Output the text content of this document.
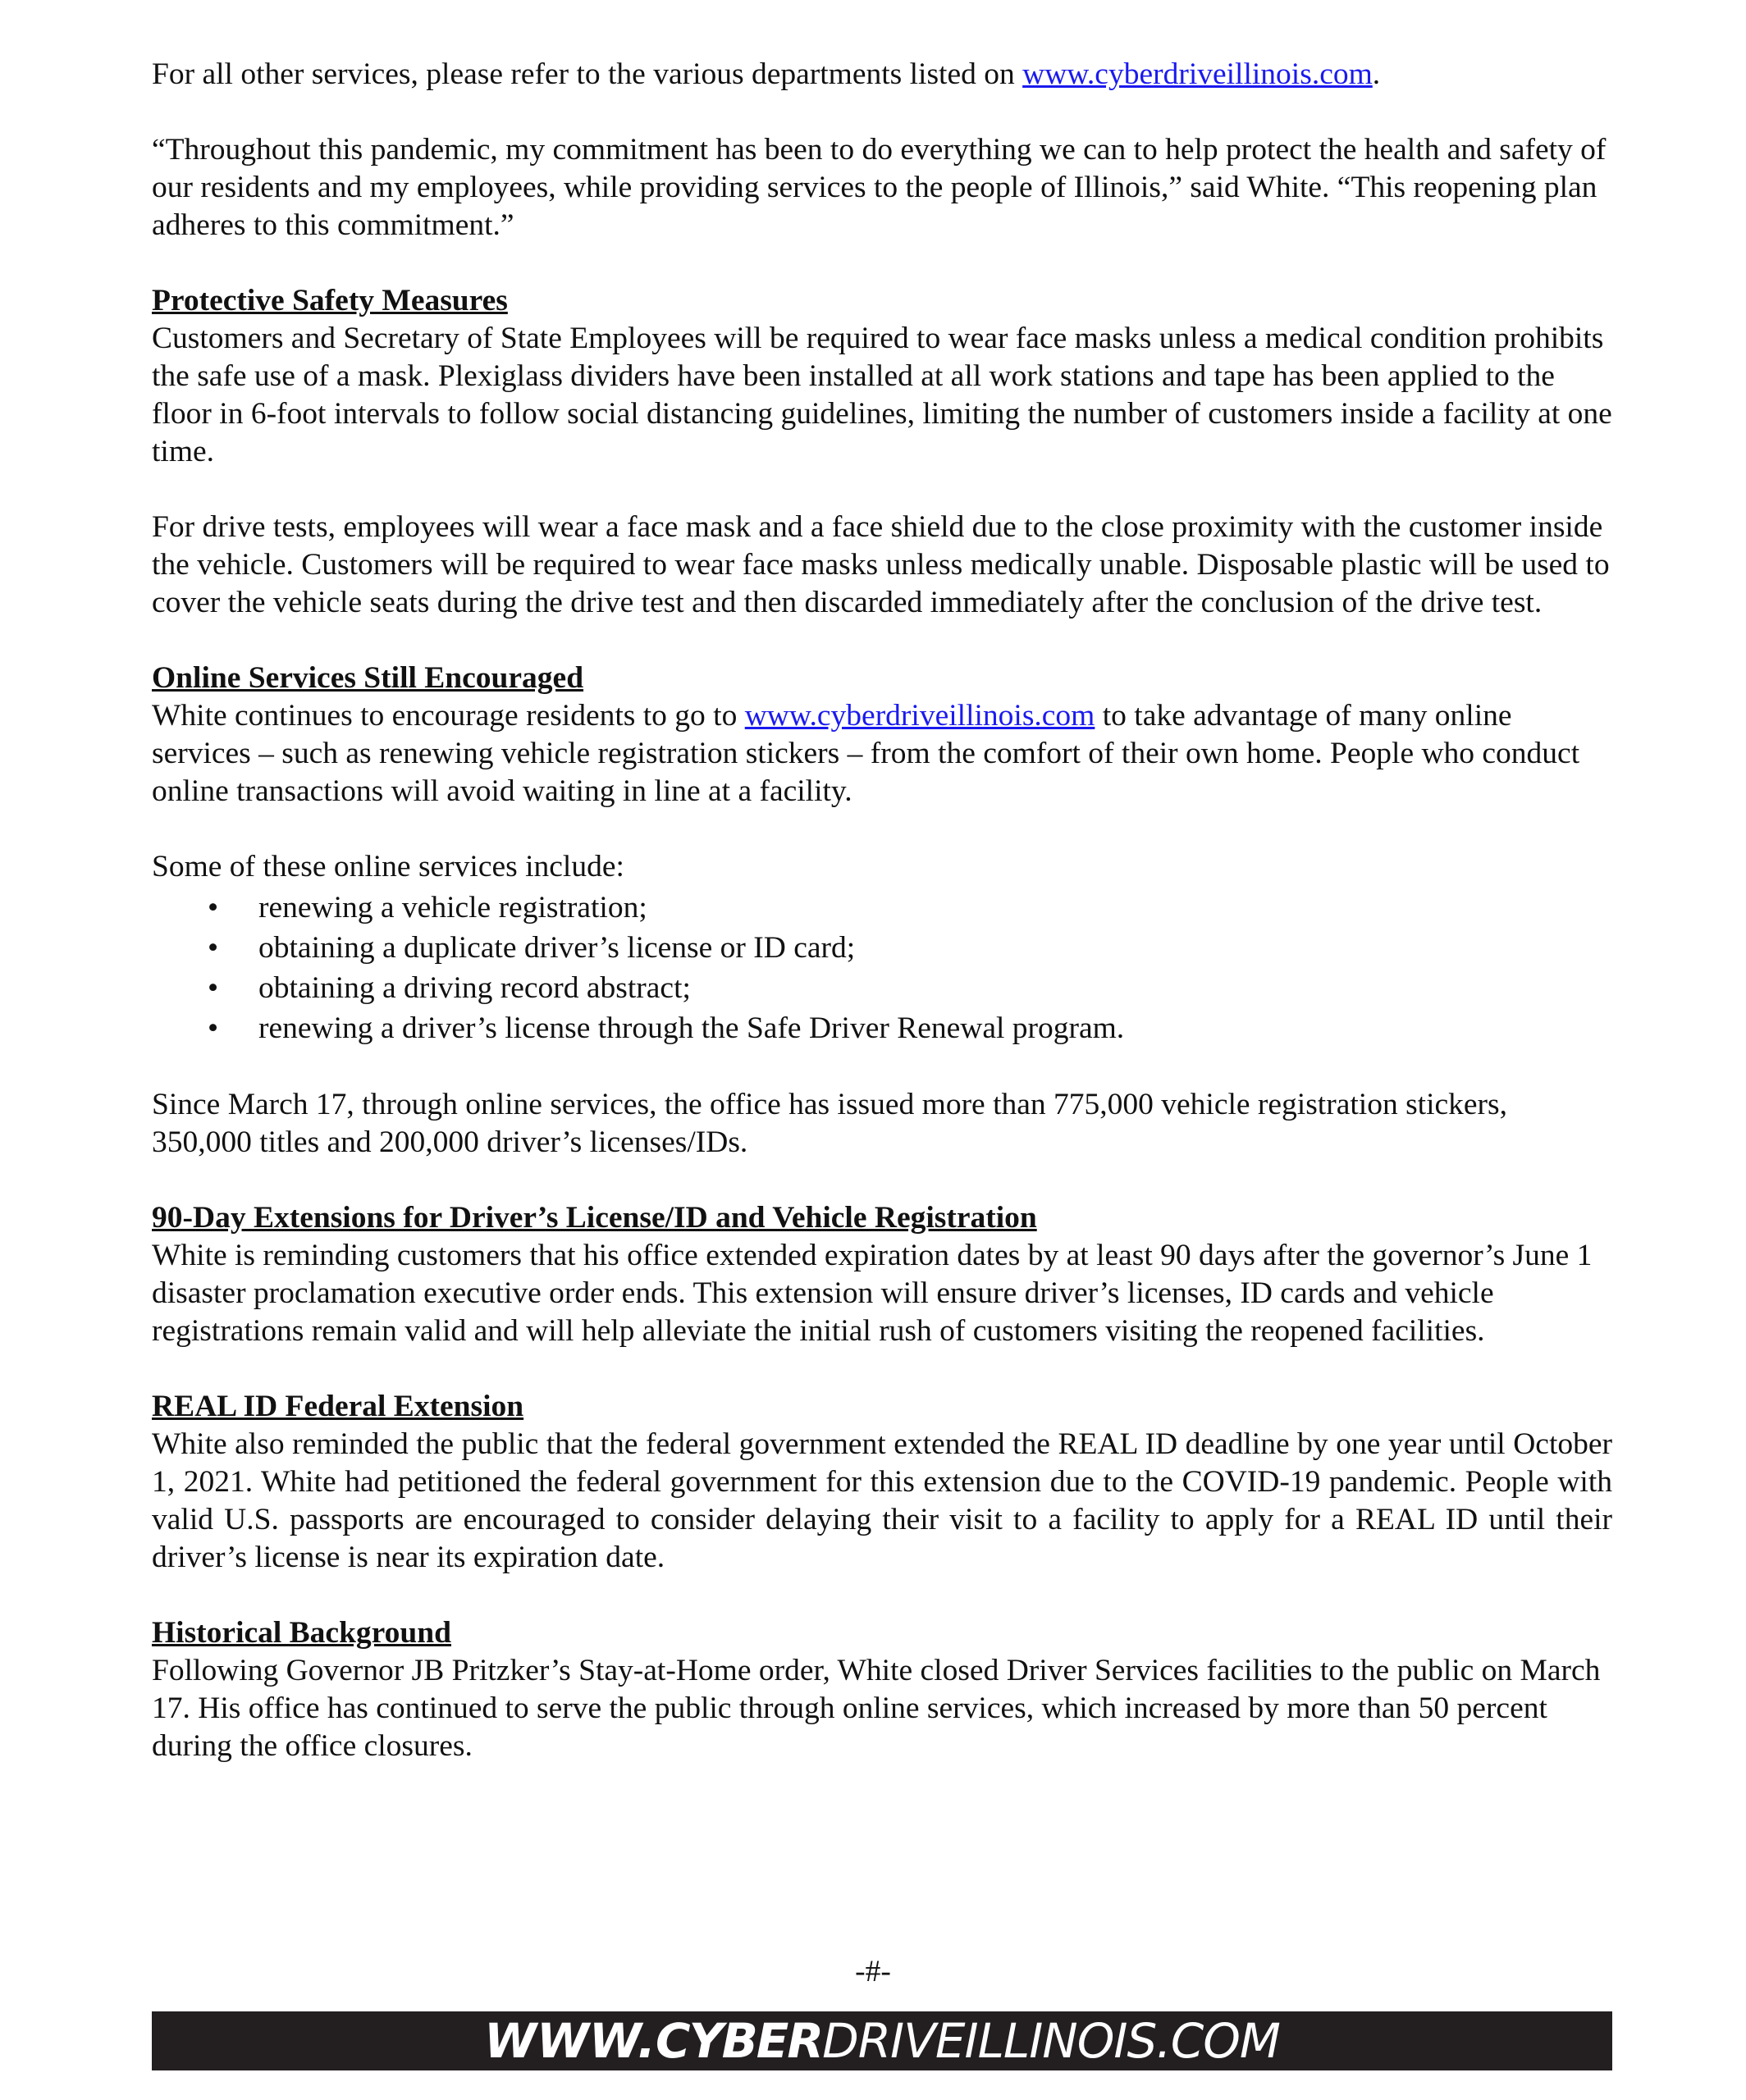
For all other services, please refer to the various departments listed on www.cyberdriveillinois.com.

“Throughout this pandemic, my commitment has been to do everything we can to help protect the health and safety of our residents and my employees, while providing services to the people of Illinois,” said White. “This reopening plan adheres to this commitment.”

Protective Safety Measures

Customers and Secretary of State Employees will be required to wear face masks unless a medical condition prohibits the safe use of a mask. Plexiglass dividers have been installed at all work stations and tape has been applied to the floor in 6-foot intervals to follow social distancing guidelines, limiting the number of customers inside a facility at one time.

For drive tests, employees will wear a face mask and a face shield due to the close proximity with the customer inside the vehicle. Customers will be required to wear face masks unless medically unable. Disposable plastic will be used to cover the vehicle seats during the drive test and then discarded immediately after the conclusion of the drive test.

Online Services Still Encouraged

White continues to encourage residents to go to www.cyberdriveillinois.com to take advantage of many online services – such as renewing vehicle registration stickers – from the comfort of their own home. People who conduct online transactions will avoid waiting in line at a facility.

Some of these online services include:

• renewing a vehicle registration;
• obtaining a duplicate driver’s license or ID card;
• obtaining a driving record abstract;
• renewing a driver’s license through the Safe Driver Renewal program.

Since March 17, through online services, the office has issued more than 775,000 vehicle registration stickers, 350,000 titles and 200,000 driver’s licenses/IDs.

90-Day Extensions for Driver’s License/ID and Vehicle Registration

White is reminding customers that his office extended expiration dates by at least 90 days after the governor’s June 1 disaster proclamation executive order ends. This extension will ensure driver’s licenses, ID cards and vehicle registrations remain valid and will help alleviate the initial rush of customers visiting the reopened facilities.

REAL ID Federal Extension

White also reminded the public that the federal government extended the REAL ID deadline by one year until October 1, 2021. White had petitioned the federal government for this extension due to the COVID-19 pandemic. People with valid U.S. passports are encouraged to consider delaying their visit to a facility to apply for a REAL ID until their driver’s license is near its expiration date.

Historical Background

Following Governor JB Pritzker’s Stay-at-Home order, White closed Driver Services facilities to the public on March 17. His office has continued to serve the public through online services, which increased by more than 50 percent during the office closures.

-#-
WWW.CYBERDRIVEILLINOIS.COM
